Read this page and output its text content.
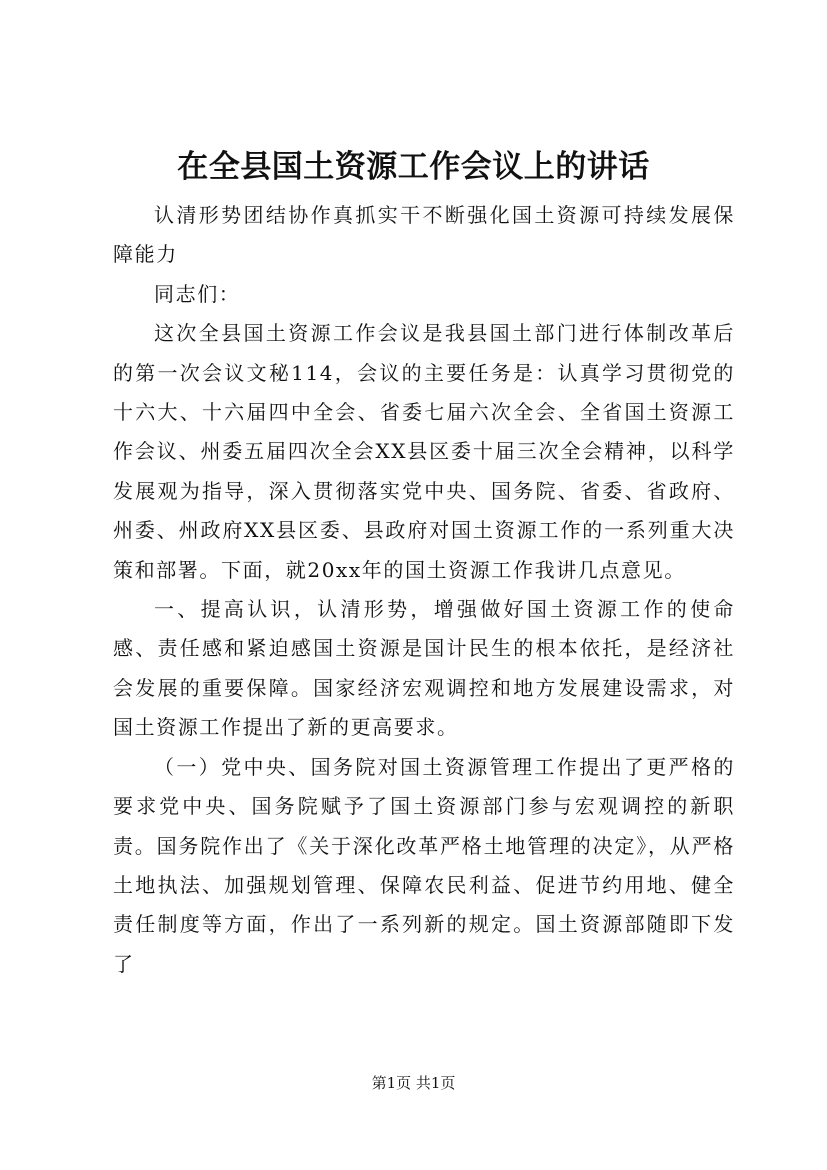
在全县国土资源工作会议上的讲话

认清形势团结协作真抓实干不断强化国土资源可持续发展保障能力

同志们：

这次全县国土资源工作会议是我县国土部门进行体制改革后的第一次会议文秘114，会议的主要任务是：认真学习贯彻党的十六大、十六届四中全会、省委七届六次全会、全省国土资源工作会议、州委五届四次全会XX县区委十届三次全会精神，以科学发展观为指导，深入贯彻落实党中央、国务院、省委、省政府、州委、州政府XX县区委、县政府对国土资源工作的一系列重大决策和部署。下面，就20xx年的国土资源工作我讲几点意见。

一、提高认识，认清形势，增强做好国土资源工作的使命感、责任感和紧迫感国土资源是国计民生的根本依托，是经济社会发展的重要保障。国家经济宏观调控和地方发展建设需求，对国土资源工作提出了新的更高要求。

（一）党中央、国务院对国土资源管理工作提出了更严格的要求党中央、国务院赋予了国土资源部门参与宏观调控的新职责。国务院作出了《关于深化改革严格土地管理的决定》，从严格土地执法、加强规划管理、保障农民利益、促进节约用地、健全责任制度等方面，作出了一系列新的规定。国土资源部随即下发了

第1页 共1页
